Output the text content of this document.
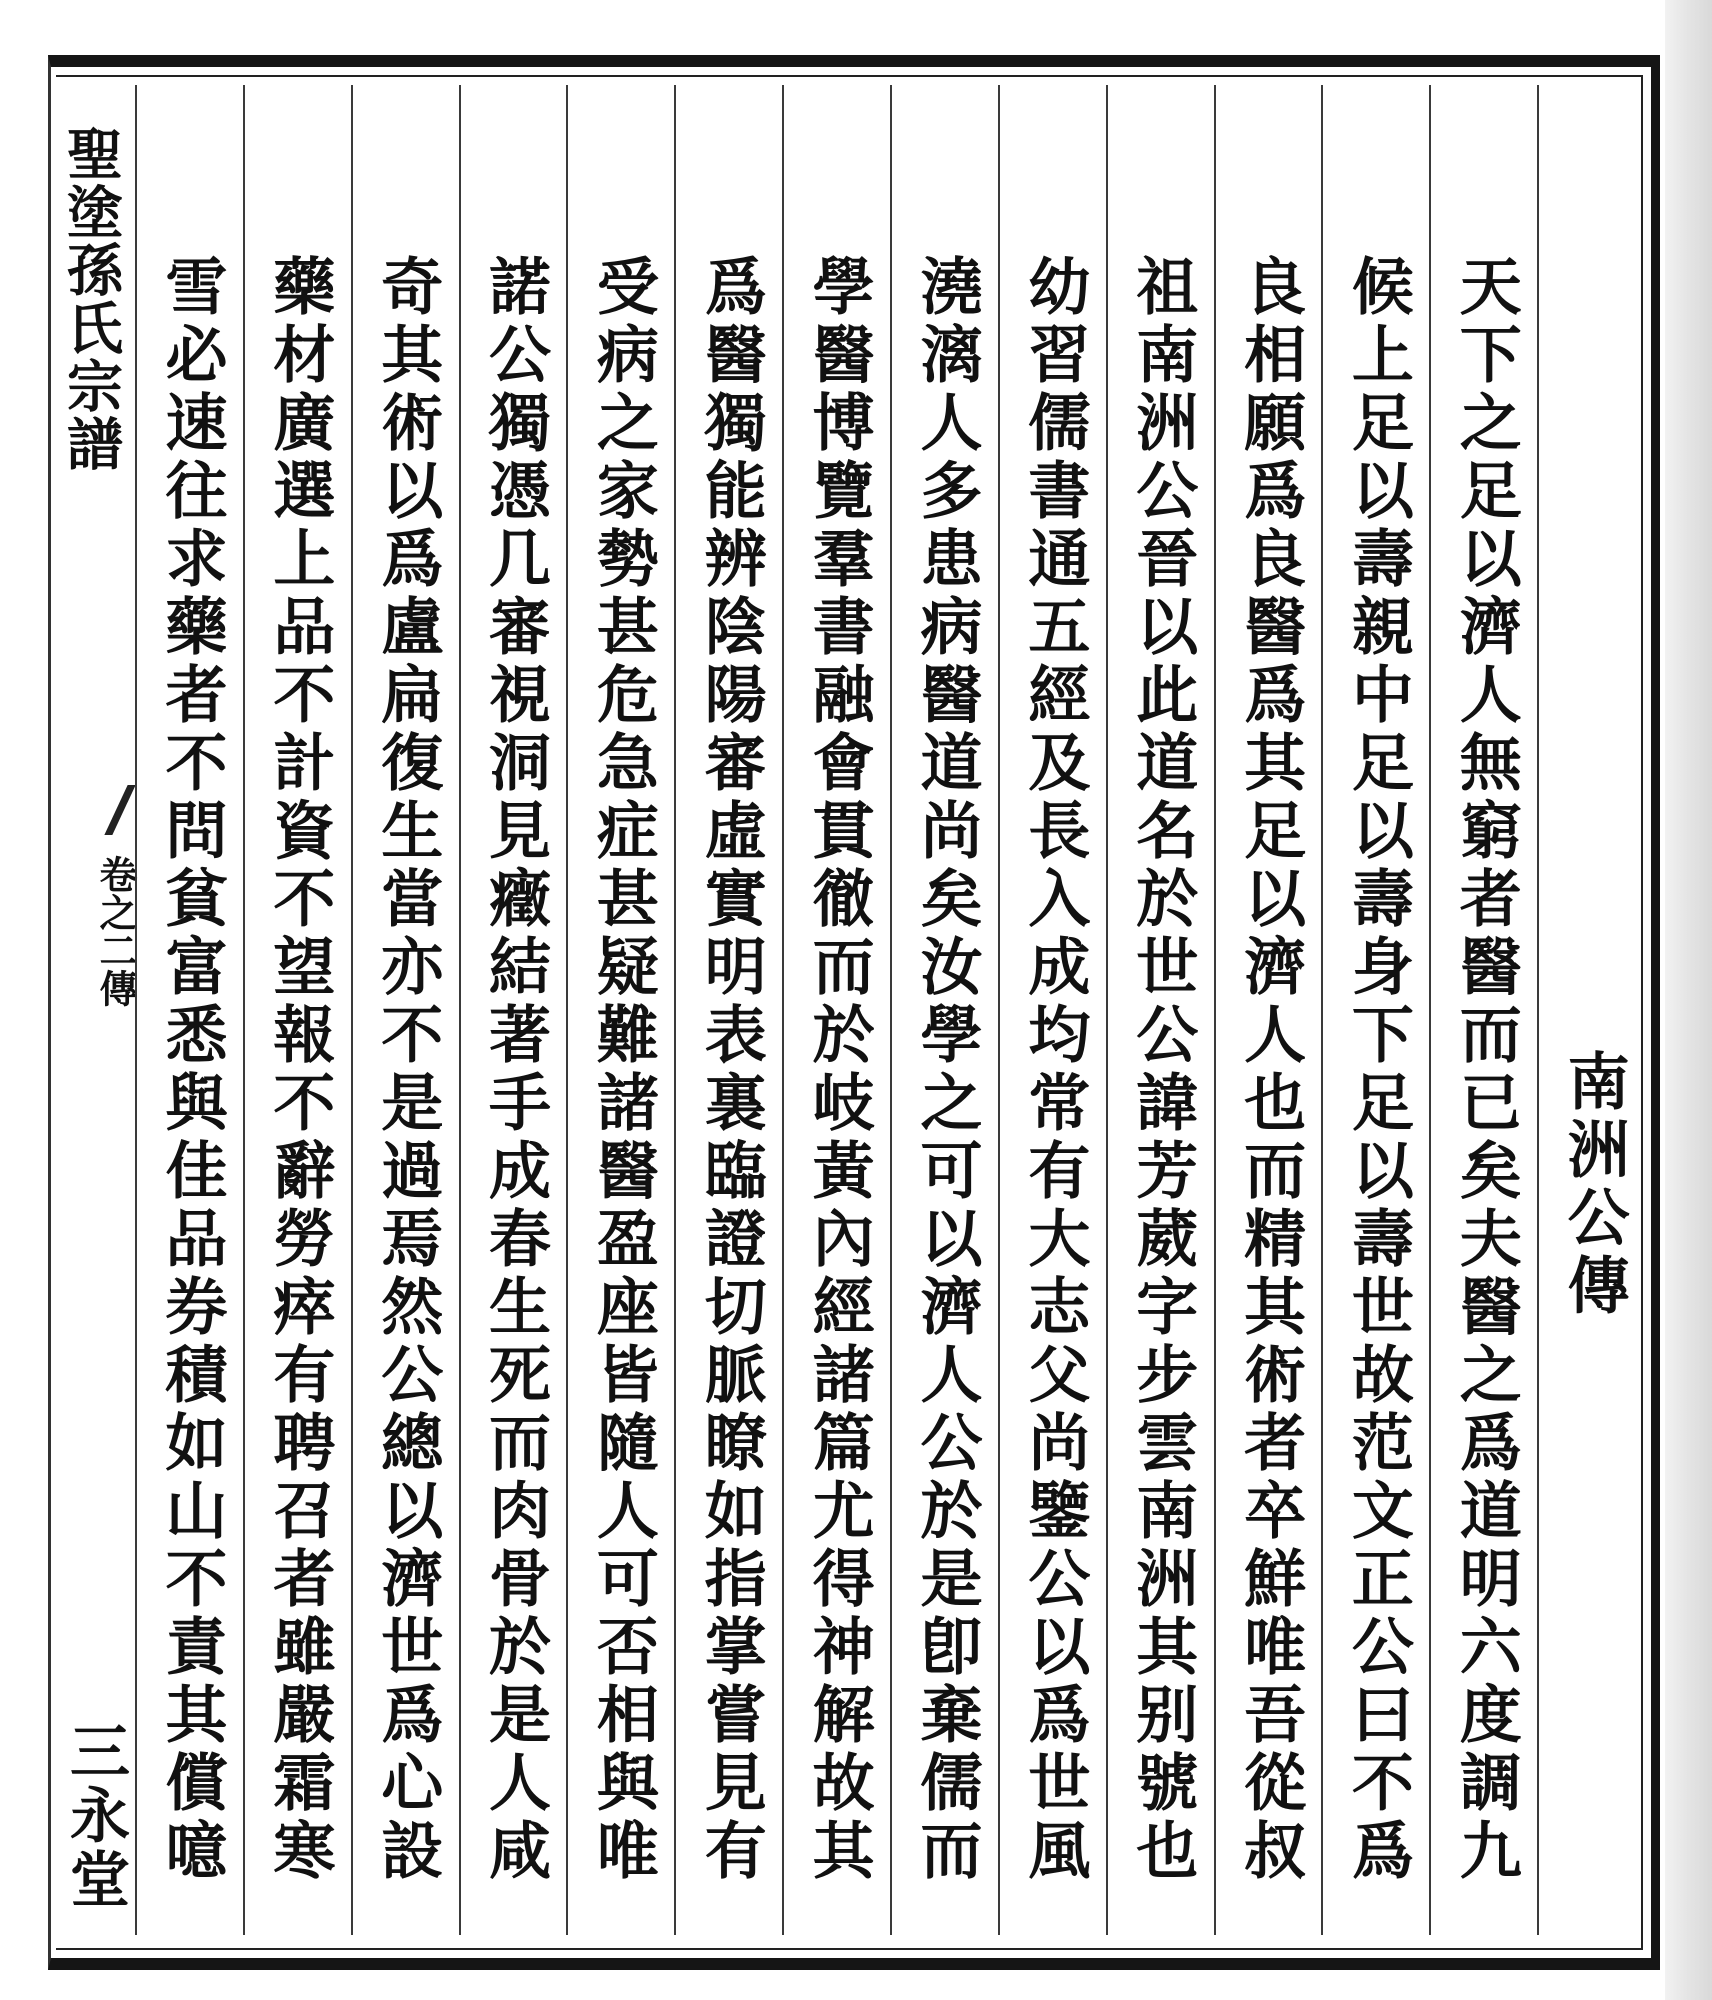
聖塗孫氏宗譜
卷之二傳
三永堂
南洲公傳
天下之足以濟人無窮者醫而已矣夫醫之爲道明六度調九
候上足以壽親中足以壽身下足以壽世故范文正公曰不爲
良相願爲良醫爲其足以濟人也而精其術者卒鮮唯吾從叔
祖南洲公晉以此道名於世公諱芳葳字步雲南洲其别號也
幼習儒書通五經及長入成均常有大志父尚鑒公以爲世風
澆漓人多患病醫道尚矣汝學之可以濟人公於是卽棄儒而
學醫博覽羣書融會貫徹而於岐黃內經諸篇尤得神解故其
爲醫獨能辨陰陽審虛實明表裏臨證切脈瞭如指掌嘗見有
受病之家勢甚危急症甚疑難諸醫盈座皆隨人可否相與唯
諾公獨憑几審視洞見癥結著手成春生死而肉骨於是人咸
奇其術以爲盧扁復生當亦不是過焉然公總以濟世爲心設
藥材廣選上品不計資不望報不辭勞瘁有聘召者雖嚴霜寒
雪必速往求藥者不問貧富悉與佳品券積如山不責其償噫
